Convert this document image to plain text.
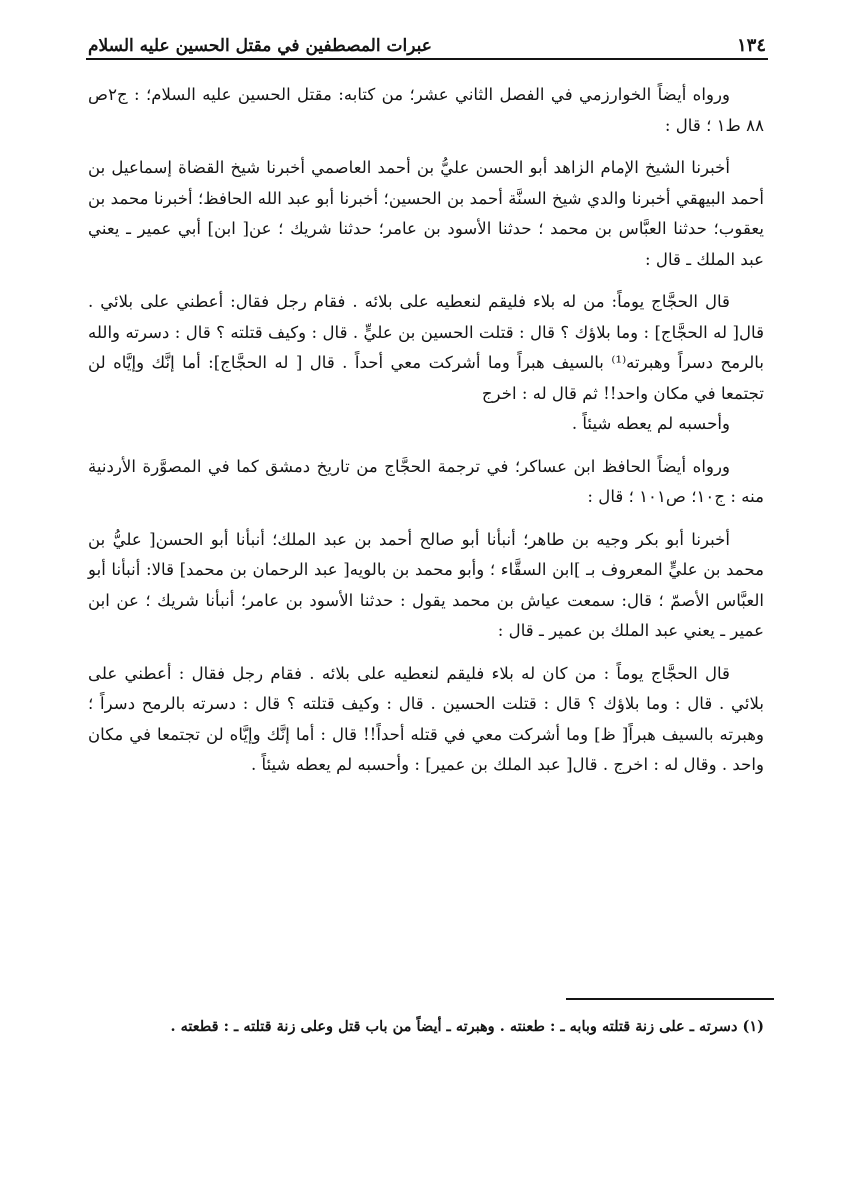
١٣٤
عبرات المصطفين في مقتل الحسين عليه السلام

ورواه أيضاً الخوارزمي في الفصل الثاني عشر؛ من كتابه: مقتل الحسين عليه السلام؛ : ج٢ص ٨٨ ط١ ؛ قال :

أخبرنا الشيخ الإمام الزاهد أبو الحسن عليُّ بن أحمد العاصمي أخبرنا شيخ القضاة إسماعيل بن أحمد البيهقي أخبرنا والدي شيخ السنَّة أحمد بن الحسين؛ أخبرنا أبو عبد الله الحافظ؛ أخبرنا محمد بن يعقوب؛ حدثنا العبَّاس بن محمد ؛ حدثنا الأسود بن عامر؛ حدثنا شريك ؛ عن[ ابن] أبي عمير ـ يعني عبد الملك ـ قال :

قال الحجَّاج يوماً: من له بلاء فليقم لنعطيه على بلائه . فقام رجل فقال: أعطني على بلائي . قال[ له الحجَّاج] : وما بلاؤك ؟ قال : قتلت الحسين بن عليٍّ . قال : وكيف قتلته ؟ قال : دسرته والله بالرمح دسراً وهبرته⁽¹⁾ بالسيف هبراً وما أشركت معي أحداً . قال [ له الحجَّاج]: أما إنَّك وإيَّاه لن تجتمعا في مكان واحد!! ثم قال له : اخرج

وأحسبه لم يعطه شيئاً .

ورواه أيضاً الحافظ ابن عساكر؛ في ترجمة الحجَّاج من تاريخ دمشق كما في المصوَّرة الأردنية منه : ج١٠؛ ص١٠١ ؛ قال :

أخبرنا أبو بكر وجيه بن طاهر؛ أنبأنا أبو صالح أحمد بن عبد الملك؛ أنبأنا أبو الحسن[ عليُّ بن محمد بن عليٍّ المعروف بـ ]ابن السقَّاء ؛ وأبو محمد بن بالويه[ عبد الرحمان بن محمد] قالا: أنبأنا أبو العبَّاس الأصمّ ؛ قال: سمعت عياش بن محمد يقول : حدثنا الأسود بن عامر؛ أنبأنا شريك ؛ عن ابن عمير ـ يعني عبد الملك بن عمير ـ قال :

قال الحجَّاج يوماً : من كان له بلاء فليقم لنعطيه على بلائه . فقام رجل فقال : أعطني على بلائي . قال : وما بلاؤك ؟ قال : قتلت الحسين . قال : وكيف قتلته ؟ قال : دسرته بالرمح دسراً ؛ وهبرته بالسيف هبراً[ ظ] وما أشركت معي في قتله أحداً!! قال : أما إنَّك وإيَّاه لن تجتمعا في مكان واحد . وقال له : اخرج . قال[ عبد الملك بن عمير] : وأحسبه لم يعطه شيئاً .

(١) دسرته ـ على زنة قتلته وبابه ـ : طعنته . وهبرته ـ أيضاً من باب قتل وعلى زنة قتلته ـ : قطعته .
